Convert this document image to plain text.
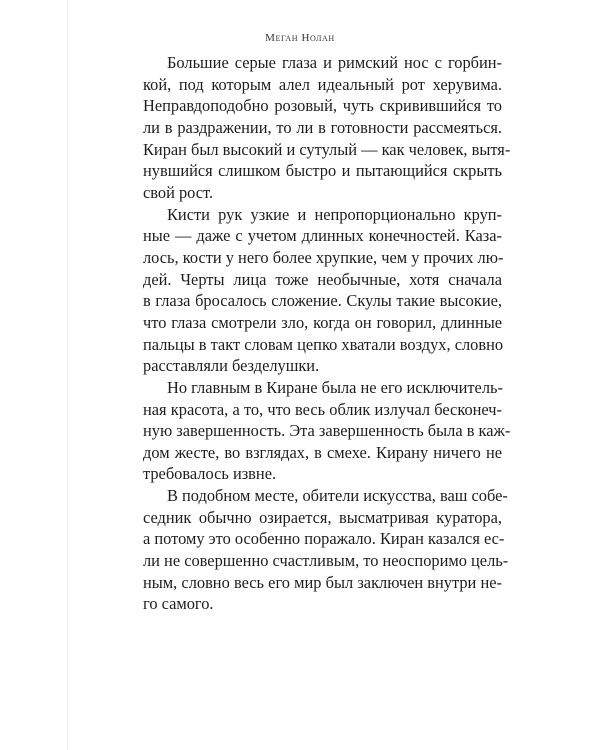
Меган Нолан
Большие серые глаза и римский нос с горбин-
кой, под которым алел идеальный рот херувима.
Неправдоподобно розовый, чуть скривившийся то
ли в раздражении, то ли в готовности рассмеяться.
Киран был высокий и сутулый — как человек, вытя-
нувшийся слишком быстро и пытающийся скрыть
свой рост.
Кисти рук узкие и непропорционально круп-
ные — даже с учетом длинных конечностей. Каза-
лось, кости у него более хрупкие, чем у прочих лю-
дей. Черты лица тоже необычные, хотя сначала
в глаза бросалось сложение. Скулы такие высокие,
что глаза смотрели зло, когда он говорил, длинные
пальцы в такт словам цепко хватали воздух, словно
расставляли безделушки.
Но главным в Киране была не его исключитель-
ная красота, а то, что весь облик излучал бесконеч-
ную завершенность. Эта завершенность была в каж-
дом жесте, во взглядах, в смехе. Кирану ничего не
требовалось извне.
В подобном месте, обители искусства, ваш собе-
седник обычно озирается, высматривая куратора,
а потому это особенно поражало. Киран казался ес-
ли не совершенно счастливым, то неоспоримо цель-
ным, словно весь его мир был заключен внутри не-
го самого.
